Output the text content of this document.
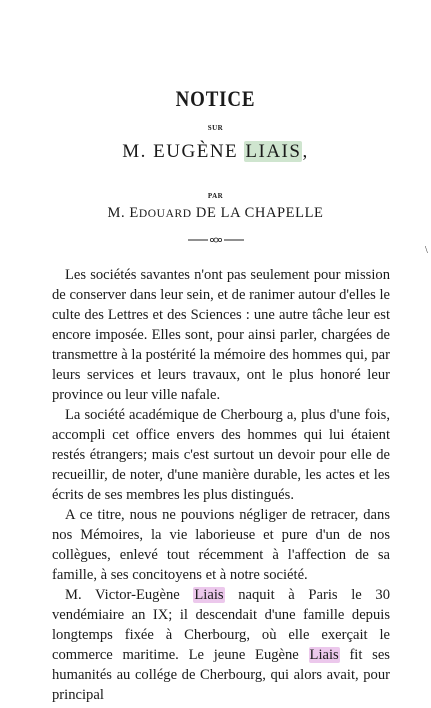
NOTICE
SUR
M. EUGÈNE LIAIS,
PAR
M. EDOUARD DE LA CHAPELLE
\

Les sociétés savantes n'ont pas seulement pour mission de conserver dans leur sein, et de ranimer autour d'elles le culte des Lettres et des Sciences : une autre tâche leur est encore imposée. Elles sont, pour ainsi parler, chargées de transmettre à la postérité la mémoire des hommes qui, par leurs services et leurs travaux, ont le plus honoré leur province ou leur ville nafale.

La société académique de Cherbourg a, plus d'une fois, accompli cet office envers des hommes qui lui étaient restés étrangers; mais c'est surtout un devoir pour elle de recueillir, de noter, d'une manière durable, les actes et les écrits de ses membres les plus distingués.

A ce titre, nous ne pouvions négliger de retracer, dans nos Mémoires, la vie laborieuse et pure d'un de nos collègues, enlevé tout récemment à l'affection de sa famille, à ses concitoyens et à notre société.

M. Victor-Eugène Liais naquit à Paris le 30 vendémiaire an IX; il descendait d'une famille depuis longtemps fixée à Cherbourg, où elle exerçait le commerce maritime. Le jeune Eugène Liais fit ses humanités au collége de Cherbourg, qui alors avait, pour principal
